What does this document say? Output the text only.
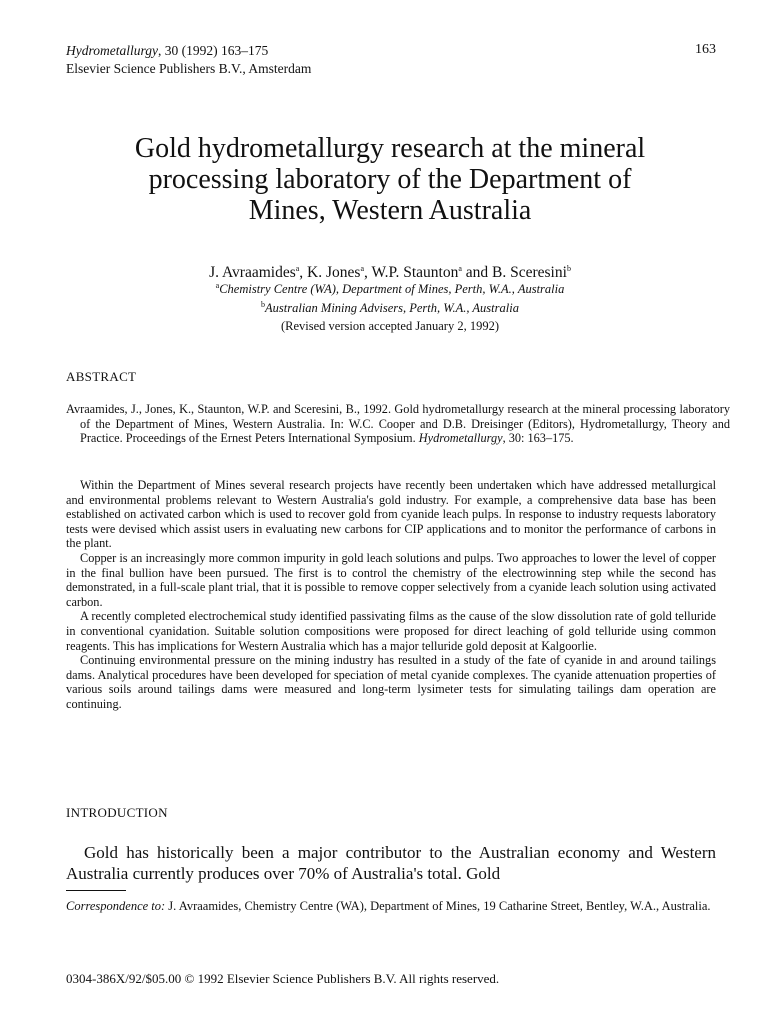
Hydrometallurgy, 30 (1992) 163–175
Elsevier Science Publishers B.V., Amsterdam
163
Gold hydrometallurgy research at the mineral
processing laboratory of the Department of
Mines, Western Australia
J. Avraamides$^a$, K. Jones$^a$, W.P. Staunton$^a$ and B. Sceresini$^b$
$^a$Chemistry Centre (WA), Department of Mines, Perth, W.A., Australia
$^b$Australian Mining Advisers, Perth, W.A., Australia
(Revised version accepted January 2, 1992)
ABSTRACT
Avraamides, J., Jones, K., Staunton, W.P. and Sceresini, B., 1992. Gold hydrometallurgy research at the mineral processing laboratory of the Department of Mines, Western Australia. In: W.C. Cooper and D.B. Dreisinger (Editors), Hydrometallurgy, Theory and Practice. Proceedings of the Ernest Peters International Symposium. Hydrometallurgy, 30: 163–175.

Within the Department of Mines several research projects have recently been undertaken which have addressed metallurgical and environmental problems relevant to Western Australia's gold industry. For example, a comprehensive data base has been established on activated carbon which is used to recover gold from cyanide leach pulps. In response to industry requests laboratory tests were devised which assist users in evaluating new carbons for CIP applications and to monitor the performance of carbons in the plant.

Copper is an increasingly more common impurity in gold leach solutions and pulps. Two approaches to lower the level of copper in the final bullion have been pursued. The first is to control the chemistry of the electrowinning step while the second has demonstrated, in a full-scale plant trial, that it is possible to remove copper selectively from a cyanide leach solution using activated carbon.

A recently completed electrochemical study identified passivating films as the cause of the slow dissolution rate of gold telluride in conventional cyanidation. Suitable solution compositions were proposed for direct leaching of gold telluride using common reagents. This has implications for Western Australia which has a major telluride gold deposit at Kalgoorlie.

Continuing environmental pressure on the mining industry has resulted in a study of the fate of cyanide in and around tailings dams. Analytical procedures have been developed for speciation of metal cyanide complexes. The cyanide attenuation properties of various soils around tailings dams were measured and long-term lysimeter tests for simulating tailings dam operation are continuing.

INTRODUCTION
Gold has historically been a major contributor to the Australian economy and Western Australia currently produces over 70% of Australia's total. Gold
Correspondence to: J. Avraamides, Chemistry Centre (WA), Department of Mines, 19 Catharine Street, Bentley, W.A., Australia.
0304-386X/92/$05.00 © 1992 Elsevier Science Publishers B.V. All rights reserved.
